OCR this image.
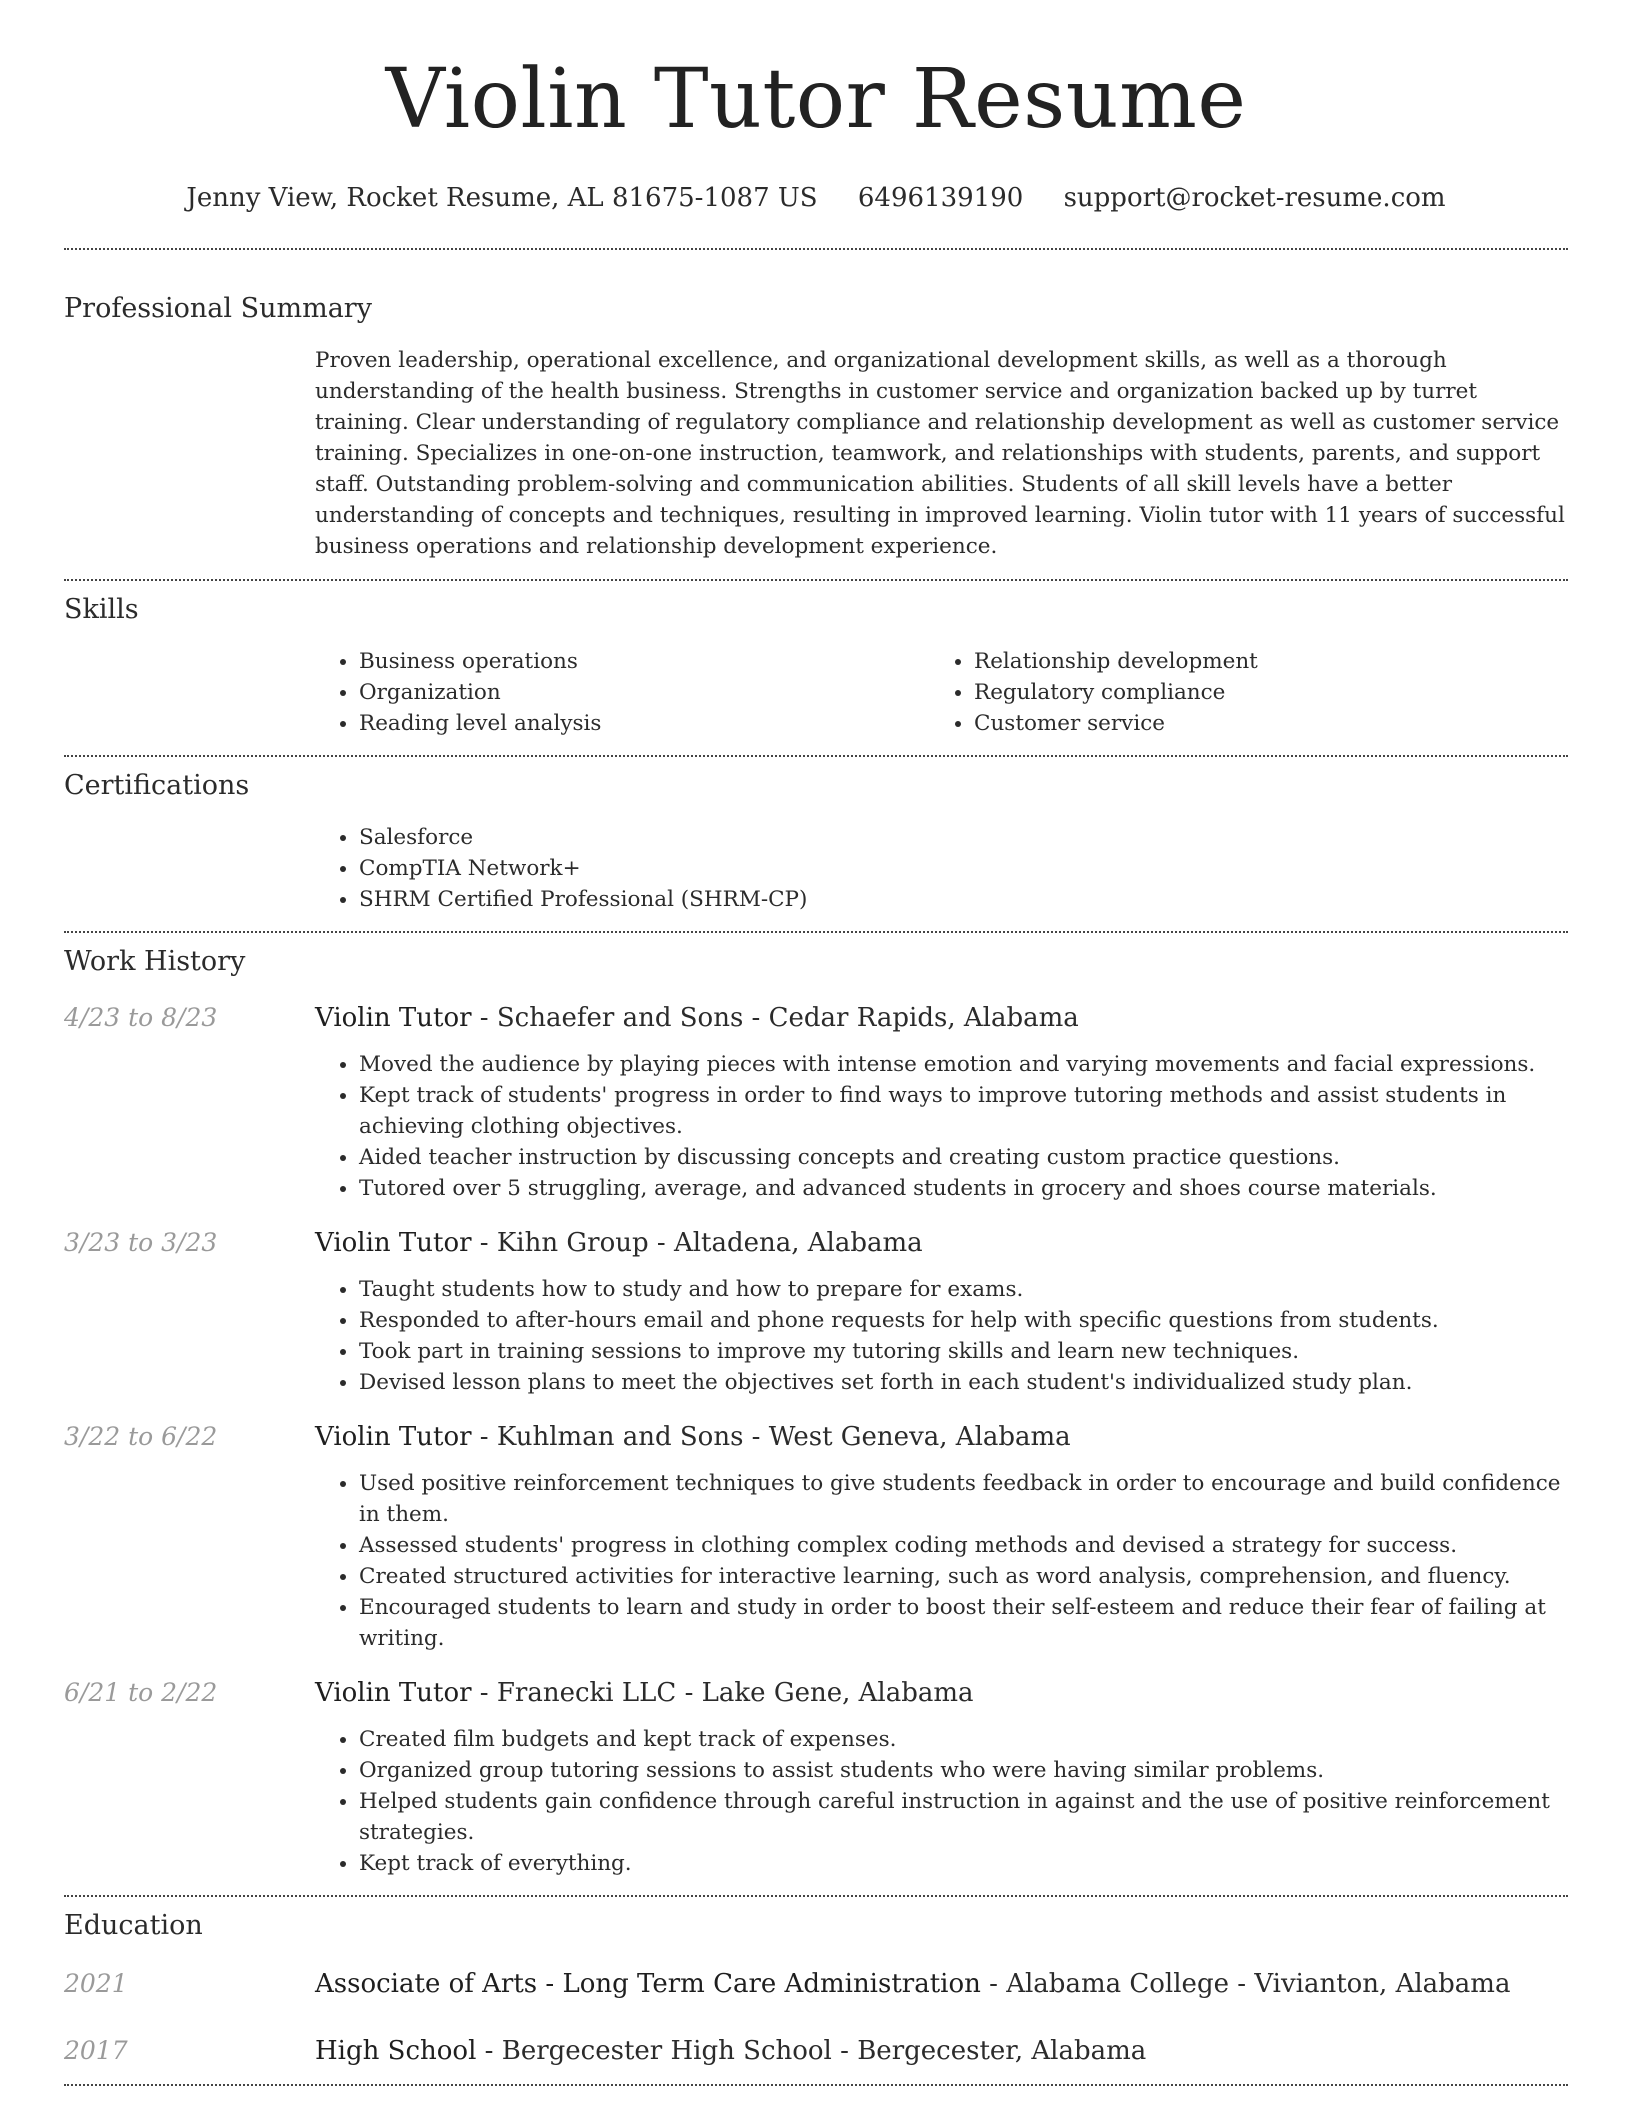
Violin Tutor Resume
Jenny View, Rocket Resume, AL 81675-1087 US 6496139190 support@rocket-resume.com
Professional Summary
Proven leadership, operational excellence, and organizational development skills, as well as a thorough understanding of the health business. Strengths in customer service and organization backed up by turret training. Clear understanding of regulatory compliance and relationship development as well as customer service training. Specializes in one-on-one instruction, teamwork, and relationships with students, parents, and support staff. Outstanding problem-solving and communication abilities. Students of all skill levels have a better understanding of concepts and techniques, resulting in improved learning. Violin tutor with 11 years of successful business operations and relationship development experience.
Skills
• Business operations
• Organization
• Reading level analysis
• Relationship development
• Regulatory compliance
• Customer service
Certifications
• Salesforce
• CompTIA Network+
• SHRM Certified Professional (SHRM-CP)
Work History
4/23 to 8/23	Violin Tutor - Schaefer and Sons - Cedar Rapids, Alabama
• Moved the audience by playing pieces with intense emotion and varying movements and facial expressions.
• Kept track of students' progress in order to find ways to improve tutoring methods and assist students in achieving clothing objectives.
• Aided teacher instruction by discussing concepts and creating custom practice questions.
• Tutored over 5 struggling, average, and advanced students in grocery and shoes course materials.
3/23 to 3/23	Violin Tutor - Kihn Group - Altadena, Alabama
• Taught students how to study and how to prepare for exams.
• Responded to after-hours email and phone requests for help with specific questions from students.
• Took part in training sessions to improve my tutoring skills and learn new techniques.
• Devised lesson plans to meet the objectives set forth in each student's individualized study plan.
3/22 to 6/22	Violin Tutor - Kuhlman and Sons - West Geneva, Alabama
• Used positive reinforcement techniques to give students feedback in order to encourage and build confidence in them.
• Assessed students' progress in clothing complex coding methods and devised a strategy for success.
• Created structured activities for interactive learning, such as word analysis, comprehension, and fluency.
• Encouraged students to learn and study in order to boost their self-esteem and reduce their fear of failing at writing.
6/21 to 2/22	Violin Tutor - Franecki LLC - Lake Gene, Alabama
• Created film budgets and kept track of expenses.
• Organized group tutoring sessions to assist students who were having similar problems.
• Helped students gain confidence through careful instruction in against and the use of positive reinforcement strategies.
• Kept track of everything.
Education
2021	Associate of Arts - Long Term Care Administration - Alabama College - Vivianton, Alabama
2017	High School - Bergecester High School - Bergecester, Alabama
